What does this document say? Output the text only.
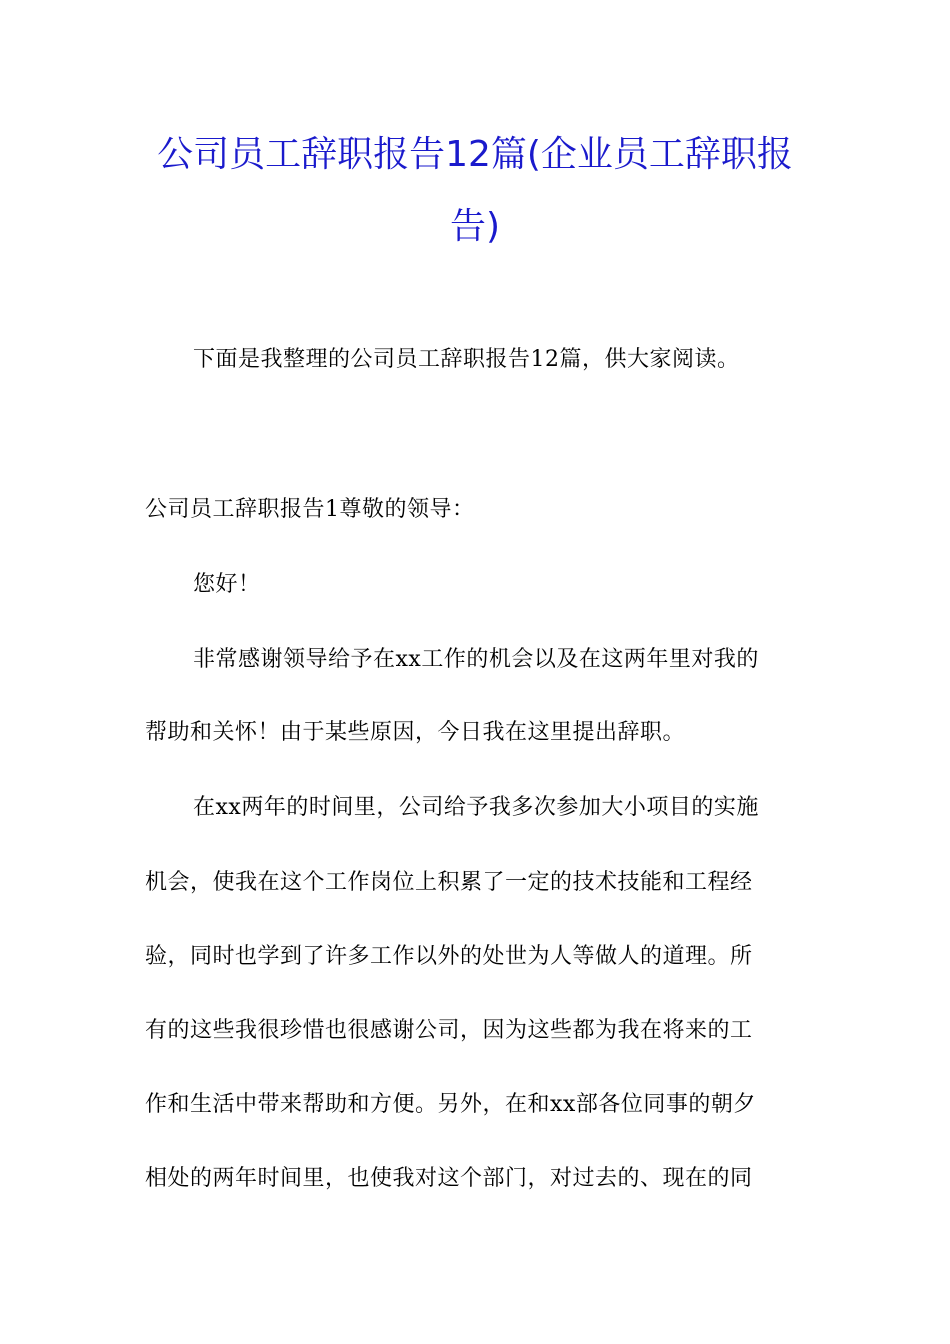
公司员工辞职报告12篇(企业员工辞职报
告)
下面是我整理的公司员工辞职报告12篇，供大家阅读。
公司员工辞职报告1尊敬的领导：
您好！
非常感谢领导给予在xx工作的机会以及在这两年里对我的
帮助和关怀！由于某些原因，今日我在这里提出辞职。
在xx两年的时间里，公司给予我多次参加大小项目的实施
机会，使我在这个工作岗位上积累了一定的技术技能和工程经
验，同时也学到了许多工作以外的处世为人等做人的道理。所
有的这些我很珍惜也很感谢公司，因为这些都为我在将来的工
作和生活中带来帮助和方便。另外，在和xx部各位同事的朝夕
相处的两年时间里，也使我对这个部门，对过去的、现在的同
